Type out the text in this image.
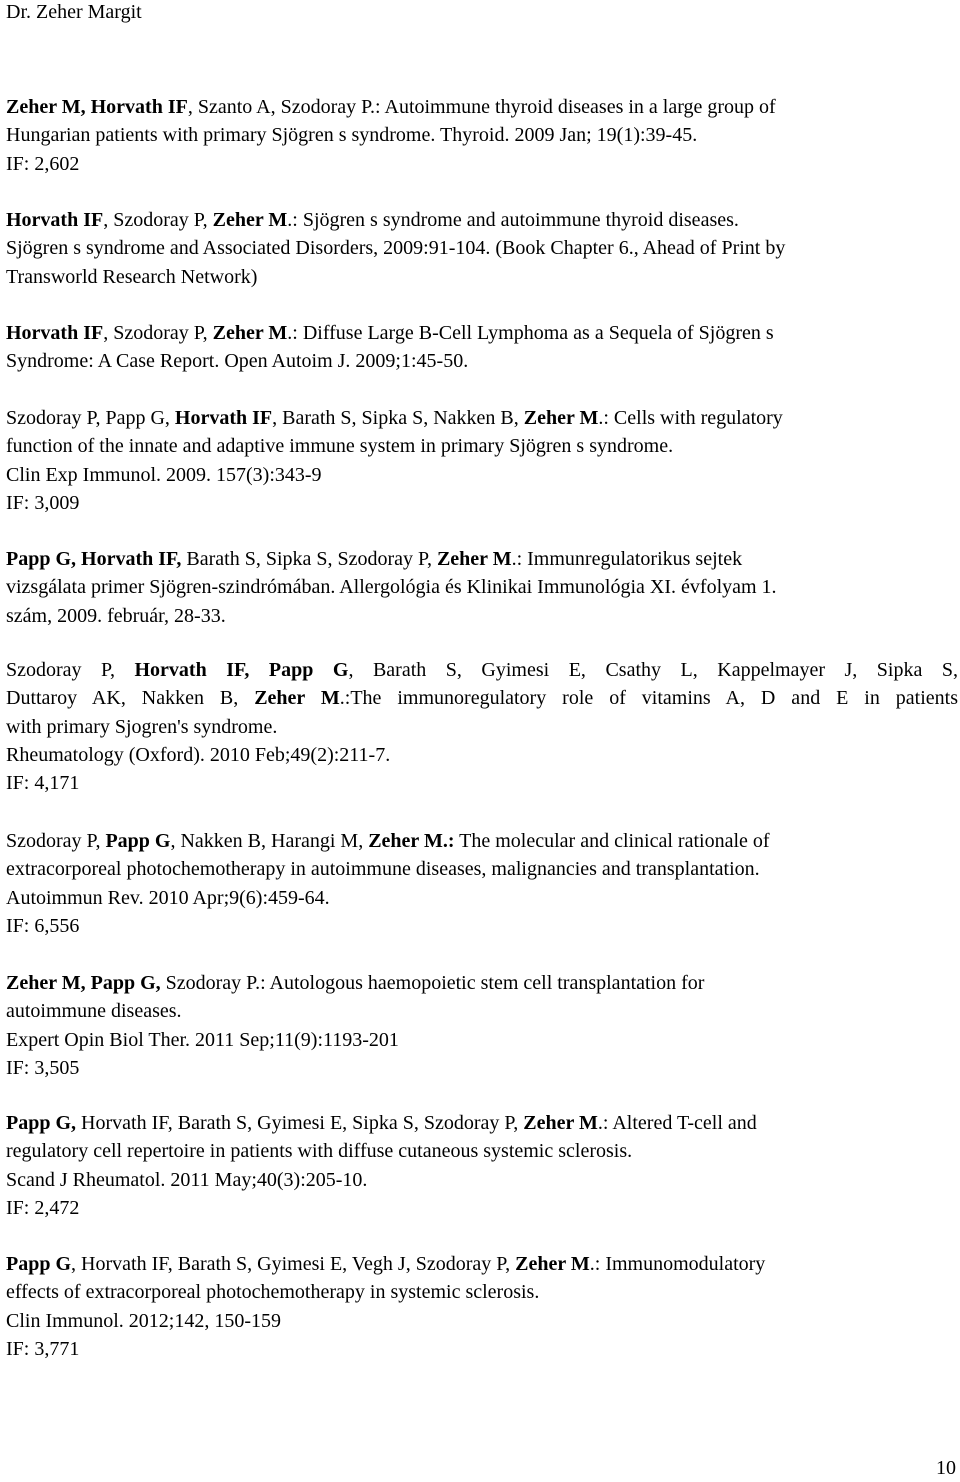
Dr. Zeher Margit
Zeher M, Horvath IF, Szanto A, Szodoray P.: Autoimmune thyroid diseases in a large group of
Hungarian patients with primary Sjögren s syndrome. Thyroid. 2009 Jan; 19(1):39-45.
IF: 2,602
Horvath IF, Szodoray P, Zeher M.: Sjögren s syndrome and autoimmune thyroid diseases.
Sjögren s syndrome and Associated Disorders, 2009:91-104. (Book Chapter 6., Ahead of Print by
Transworld Research Network)
Horvath IF, Szodoray P, Zeher M.: Diffuse Large B-Cell Lymphoma as a Sequela of Sjögren s
Syndrome: A Case Report. Open Autoim J. 2009;1:45-50.
Szodoray P, Papp G, Horvath IF, Barath S, Sipka S, Nakken B, Zeher M.: Cells with regulatory
function of the innate and adaptive immune system in primary Sjögren s syndrome.
Clin Exp Immunol. 2009. 157(3):343-9
IF: 3,009
Papp G, Horvath IF, Barath S, Sipka S, Szodoray P, Zeher M.: Immunregulatorikus sejtek
vizsgálata primer Sjögren-szindrómában. Allergológia és Klinikai Immunológia XI. évfolyam 1.
szám, 2009. február, 28-33.
Szodoray P, Horvath IF, Papp G, Barath S, Gyimesi E, Csathy L, Kappelmayer J, Sipka S,
Duttaroy AK, Nakken B, Zeher M.:The immunoregulatory role of vitamins A, D and E in patients
with primary Sjogren's syndrome.
Rheumatology (Oxford). 2010 Feb;49(2):211-7.
IF: 4,171
Szodoray P, Papp G, Nakken B, Harangi M, Zeher M.: The molecular and clinical rationale of
extracorporeal photochemotherapy in autoimmune diseases, malignancies and transplantation.
Autoimmun Rev. 2010 Apr;9(6):459-64.
IF: 6,556
Zeher M, Papp G, Szodoray P.: Autologous haemopoietic stem cell transplantation for
autoimmune diseases.
Expert Opin Biol Ther. 2011 Sep;11(9):1193-201
IF: 3,505
Papp G, Horvath IF, Barath S, Gyimesi E, Sipka S, Szodoray P, Zeher M.: Altered T-cell and
regulatory cell repertoire in patients with diffuse cutaneous systemic sclerosis.
Scand J Rheumatol. 2011 May;40(3):205-10.
IF: 2,472
Papp G, Horvath IF, Barath S, Gyimesi E, Vegh J, Szodoray P, Zeher M.: Immunomodulatory
effects of extracorporeal photochemotherapy in systemic sclerosis.
Clin Immunol. 2012;142, 150-159
IF: 3,771
10
